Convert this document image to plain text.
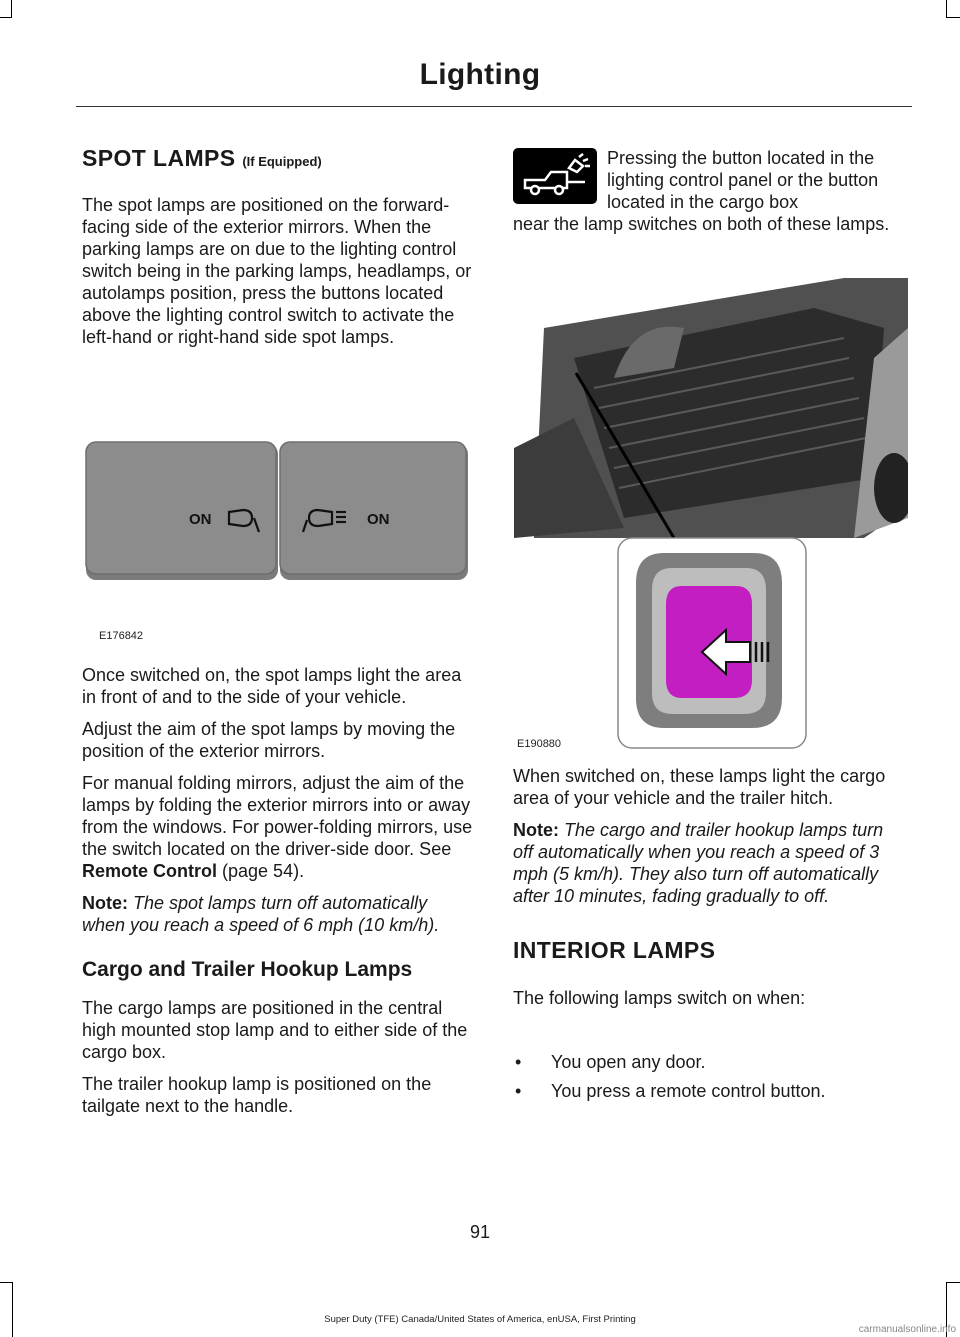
Lighting
SPOT LAMPS (If Equipped)

The spot lamps are positioned on the forward-facing side of the exterior mirrors. When the parking lamps are on due to the lighting control switch being in the parking lamps, headlamps, or autolamps position, press the buttons located above the lighting control switch to activate the left-hand or right-hand side spot lamps.

ON	ON
E176842

Once switched on, the spot lamps light the area in front of and to the side of your vehicle.

Adjust the aim of the spot lamps by moving the position of the exterior mirrors.

For manual folding mirrors, adjust the aim of the lamps by folding the exterior mirrors into or away from the windows. For power-folding mirrors, use the switch located on the driver-side door. See
Remote Control (page 54).

Note: The spot lamps turn off automatically when you reach a speed of 6 mph (10 km/h).

Cargo and Trailer Hookup Lamps

The cargo lamps are positioned in the central high mounted stop lamp and to either side of the cargo box.

The trailer hookup lamp is positioned on the tailgate next to the handle.

Pressing the button located in the lighting control panel or the button located in the cargo box

near the lamp switches on both of these lamps.

E190880

When switched on, these lamps light the cargo area of your vehicle and the trailer hitch.

Note: The cargo and trailer hookup lamps turn off automatically when you reach a speed of 3 mph (5 km/h). They also turn off automatically after 10 minutes, fading gradually to off.

INTERIOR LAMPS

The following lamps switch on when:

• You open any door.
• You press a remote control button.
91
Super Duty (TFE) Canada/United States of America, enUSA, First Printing
carmanualsonline.info
